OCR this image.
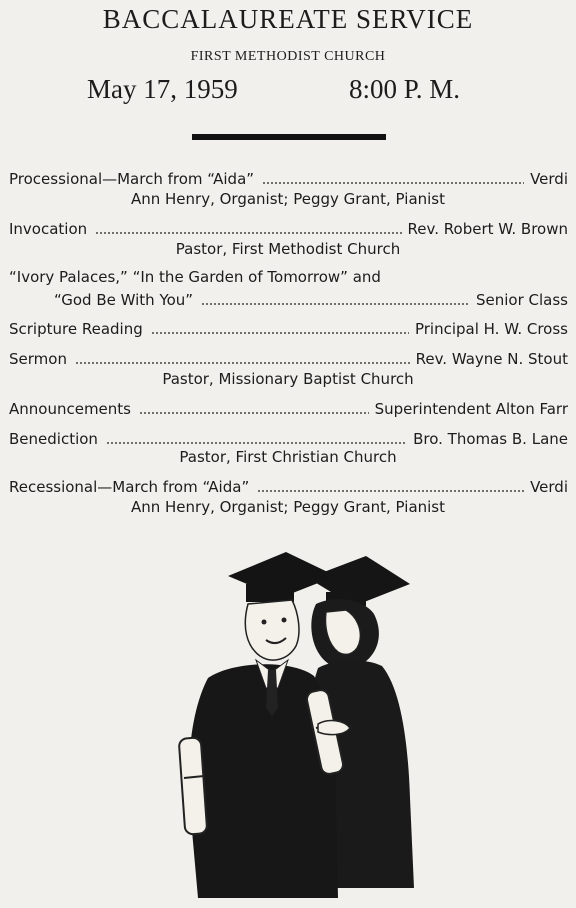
BACCALAUREATE SERVICE
FIRST METHODIST CHURCH
May 17, 1959	8:00 P. M.
Processional—March from “Aida”	Verdi
Ann Henry, Organist; Peggy Grant, Pianist
Invocation	Rev. Robert W. Brown
Pastor, First Methodist Church
“Ivory Palaces,” “In the Garden of Tomorrow” and
“God Be With You”	Senior Class
Scripture Reading	Principal H. W. Cross
Sermon	Rev. Wayne N. Stout
Pastor, Missionary Baptist Church
Announcements	Superintendent Alton Farr
Benediction	Bro. Thomas B. Lane
Pastor, First Christian Church
Recessional—March from “Aida”	Verdi
Ann Henry, Organist; Peggy Grant, Pianist
